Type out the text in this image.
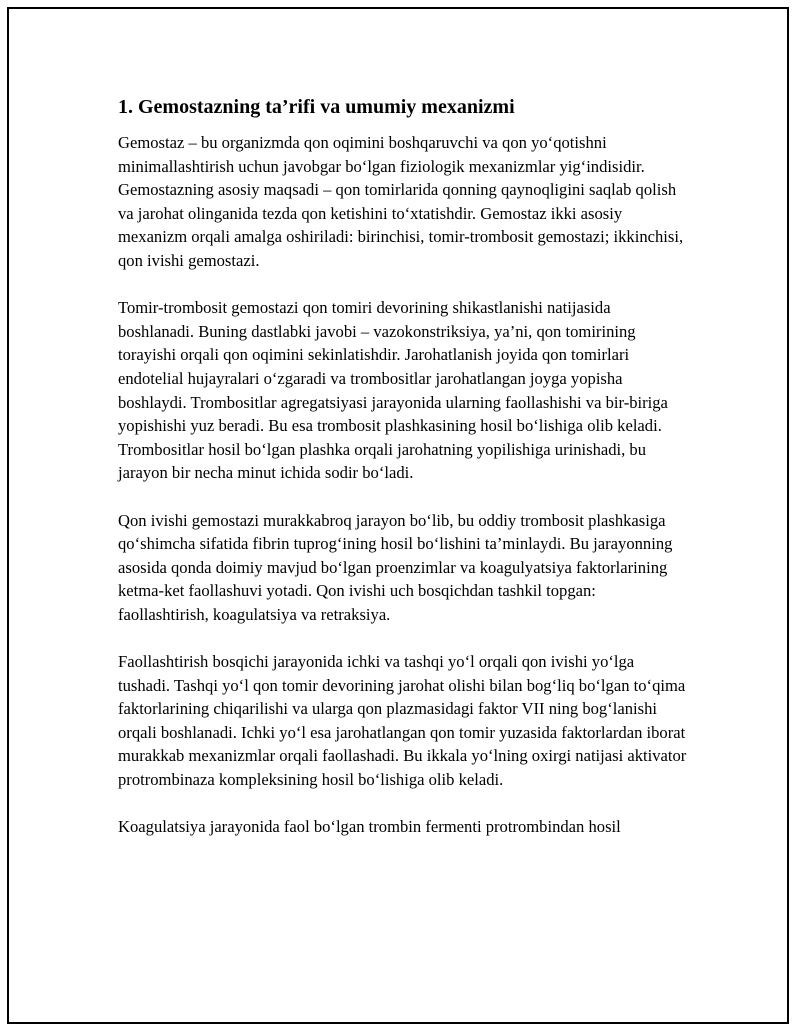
1. Gemostazning ta’rifi va umumiy mexanizmi

Gemostaz – bu organizmda qon oqimini boshqaruvchi va qon yo‘qotishni minimallashtirish uchun javobgar bo‘lgan fiziologik mexanizmlar yig‘indisidir. Gemostazning asosiy maqsadi – qon tomirlarida qonning qaynoqligini saqlab qolish va jarohat olinganida tezda qon ketishini to‘xtatishdir. Gemostaz ikki asosiy mexanizm orqali amalga oshiriladi: birinchisi, tomir-trombosit gemostazi; ikkinchisi, qon ivishi gemostazi.

Tomir-trombosit gemostazi qon tomiri devorining shikastlanishi natijasida boshlanadi. Buning dastlabki javobi – vazokonstriksiya, ya’ni, qon tomirining torayishi orqali qon oqimini sekinlatishdir. Jarohatlanish joyida qon tomirlari endotelial hujayralari o‘zgaradi va trombositlar jarohatlangan joyga yopisha boshlaydi. Trombositlar agregatsiyasi jarayonida ularning faollashishi va bir-biriga yopishishi yuz beradi. Bu esa trombosit plashkasining hosil bo‘lishiga olib keladi. Trombositlar hosil bo‘lgan plashka orqali jarohatning yopilishiga urinishadi, bu jarayon bir necha minut ichida sodir bo‘ladi.

Qon ivishi gemostazi murakkabroq jarayon bo‘lib, bu oddiy trombosit plashkasiga qo‘shimcha sifatida fibrin tuprog‘ining hosil bo‘lishini ta’minlaydi. Bu jarayonning asosida qonda doimiy mavjud bo‘lgan proenzimlar va koagulyatsiya faktorlarining ketma-ket faollashuvi yotadi. Qon ivishi uch bosqichdan tashkil topgan: faollashtirish, koagulatsiya va retraksiya.

Faollashtirish bosqichi jarayonida ichki va tashqi yo‘l orqali qon ivishi yo‘lga tushadi. Tashqi yo‘l qon tomir devorining jarohat olishi bilan bog‘liq bo‘lgan to‘qima faktorlarining chiqarilishi va ularga qon plazmasidagi faktor VII ning bog‘lanishi orqali boshlanadi. Ichki yo‘l esa jarohatlangan qon tomir yuzasida faktorlardan iborat murakkab mexanizmlar orqali faollashadi. Bu ikkala yo‘lning oxirgi natijasi aktivator protrombinaza kompleksining hosil bo‘lishiga olib keladi.

Koagulatsiya jarayonida faol bo‘lgan trombin fermenti protrombindan hosil
